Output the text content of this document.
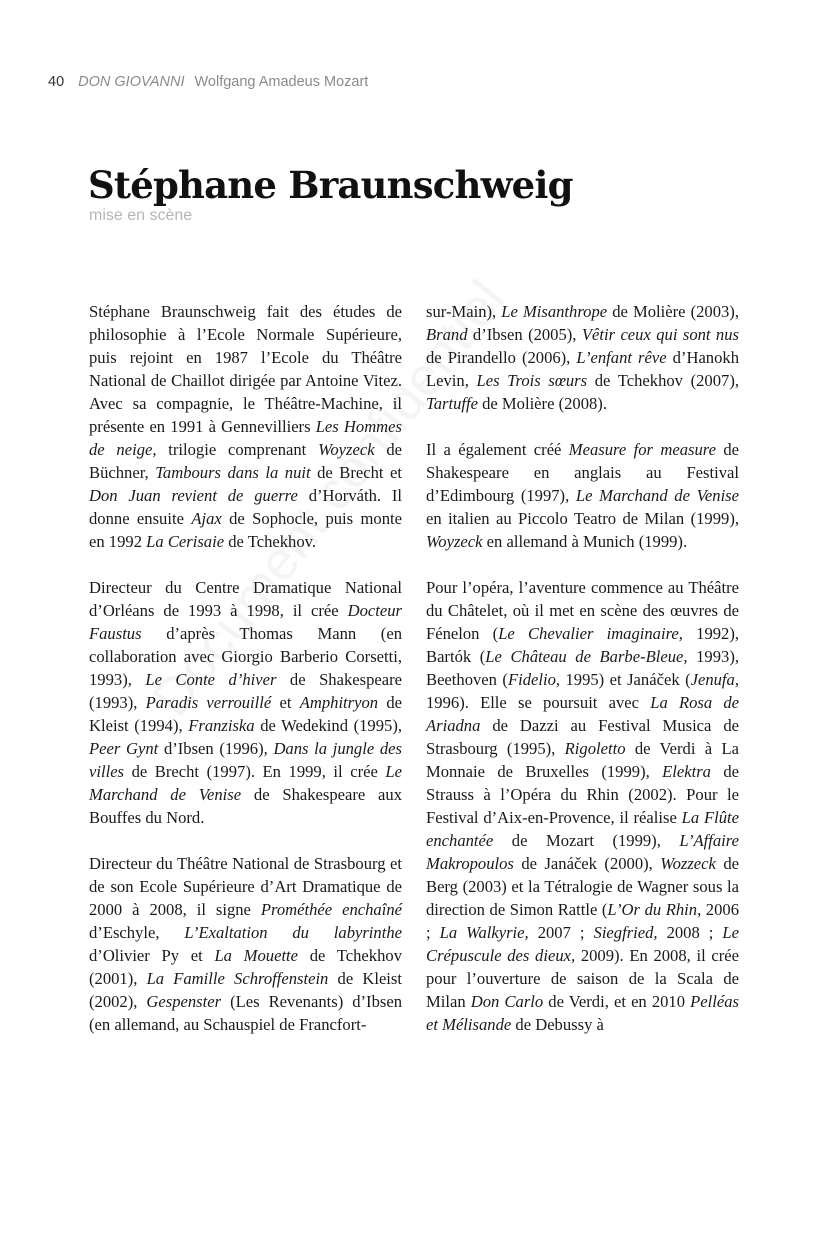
40 DON GIOVANNI Wolfgang Amadeus Mozart
Stéphane Braunschweig
mise en scène

Stéphane Braunschweig fait des études de philosophie à l’Ecole Normale Supérieure, puis rejoint en 1987 l’Ecole du Théâtre National de Chaillot dirigée par Antoine Vitez. Avec sa compagnie, le Théâtre-Machine, il présente en 1991 à Gennevilliers Les Hommes de neige, trilogie comprenant Woyzeck de Büchner, Tambours dans la nuit de Brecht et Don Juan revient de guerre d’Horváth. Il donne ensuite Ajax de Sophocle, puis monte en 1992 La Cerisaie de Tchekhov.

Directeur du Centre Dramatique National d’Orléans de 1993 à 1998, il crée Docteur Faustus d’après Thomas Mann (en collaboration avec Giorgio Barberio Corsetti, 1993), Le Conte d’hiver de Shakespeare (1993), Paradis verrouillé et Amphitryon de Kleist (1994), Franziska de Wedekind (1995), Peer Gynt d’Ibsen (1996), Dans la jungle des villes de Brecht (1997). En 1999, il crée Le Marchand de Venise de Shakespeare aux Bouffes du Nord.

Directeur du Théâtre National de Strasbourg et de son Ecole Supérieure d’Art Dramatique de 2000 à 2008, il signe Prométhée enchaîné d’Eschyle, L’Exaltation du labyrinthe d’Olivier Py et La Mouette de Tchekhov (2001), La Famille Schroffenstein de Kleist (2002), Gespenster (Les Revenants) d’Ibsen (en allemand, au Schauspiel de Francfort-

sur-Main), Le Misanthrope de Molière (2003), Brand d’Ibsen (2005), Vêtir ceux qui sont nus de Pirandello (2006), L’enfant rêve d’Hanokh Levin, Les Trois sœurs de Tchekhov (2007), Tartuffe de Molière (2008).

Il a également créé Measure for measure de Shakespeare en anglais au Festival d’Edimbourg (1997), Le Marchand de Venise en italien au Piccolo Teatro de Milan (1999), Woyzeck en allemand à Munich (1999).

Pour l’opéra, l’aventure commence au Théâtre du Châtelet, où il met en scène des œuvres de Fénelon (Le Chevalier imaginaire, 1992), Bartók (Le Château de Barbe-Bleue, 1993), Beethoven (Fidelio, 1995) et Janáček (Jenufa, 1996). Elle se poursuit avec La Rosa de Ariadna de Dazzi au Festival Musica de Strasbourg (1995), Rigoletto de Verdi à La Monnaie de Bruxelles (1999), Elektra de Strauss à l’Opéra du Rhin (2002). Pour le Festival d’Aix-en-Provence, il réalise La Flûte enchantée de Mozart (1999), L’Affaire Makropoulos de Janáček (2000), Wozzeck de Berg (2003) et la Tétralogie de Wagner sous la direction de Simon Rattle (L’Or du Rhin, 2006 ; La Walkyrie, 2007 ; Siegfried, 2008 ; Le Crépuscule des dieux, 2009). En 2008, il crée pour l’ouverture de saison de la Scala de Milan Don Carlo de Verdi, et en 2010 Pelléas et Mélisande de Debussy à
